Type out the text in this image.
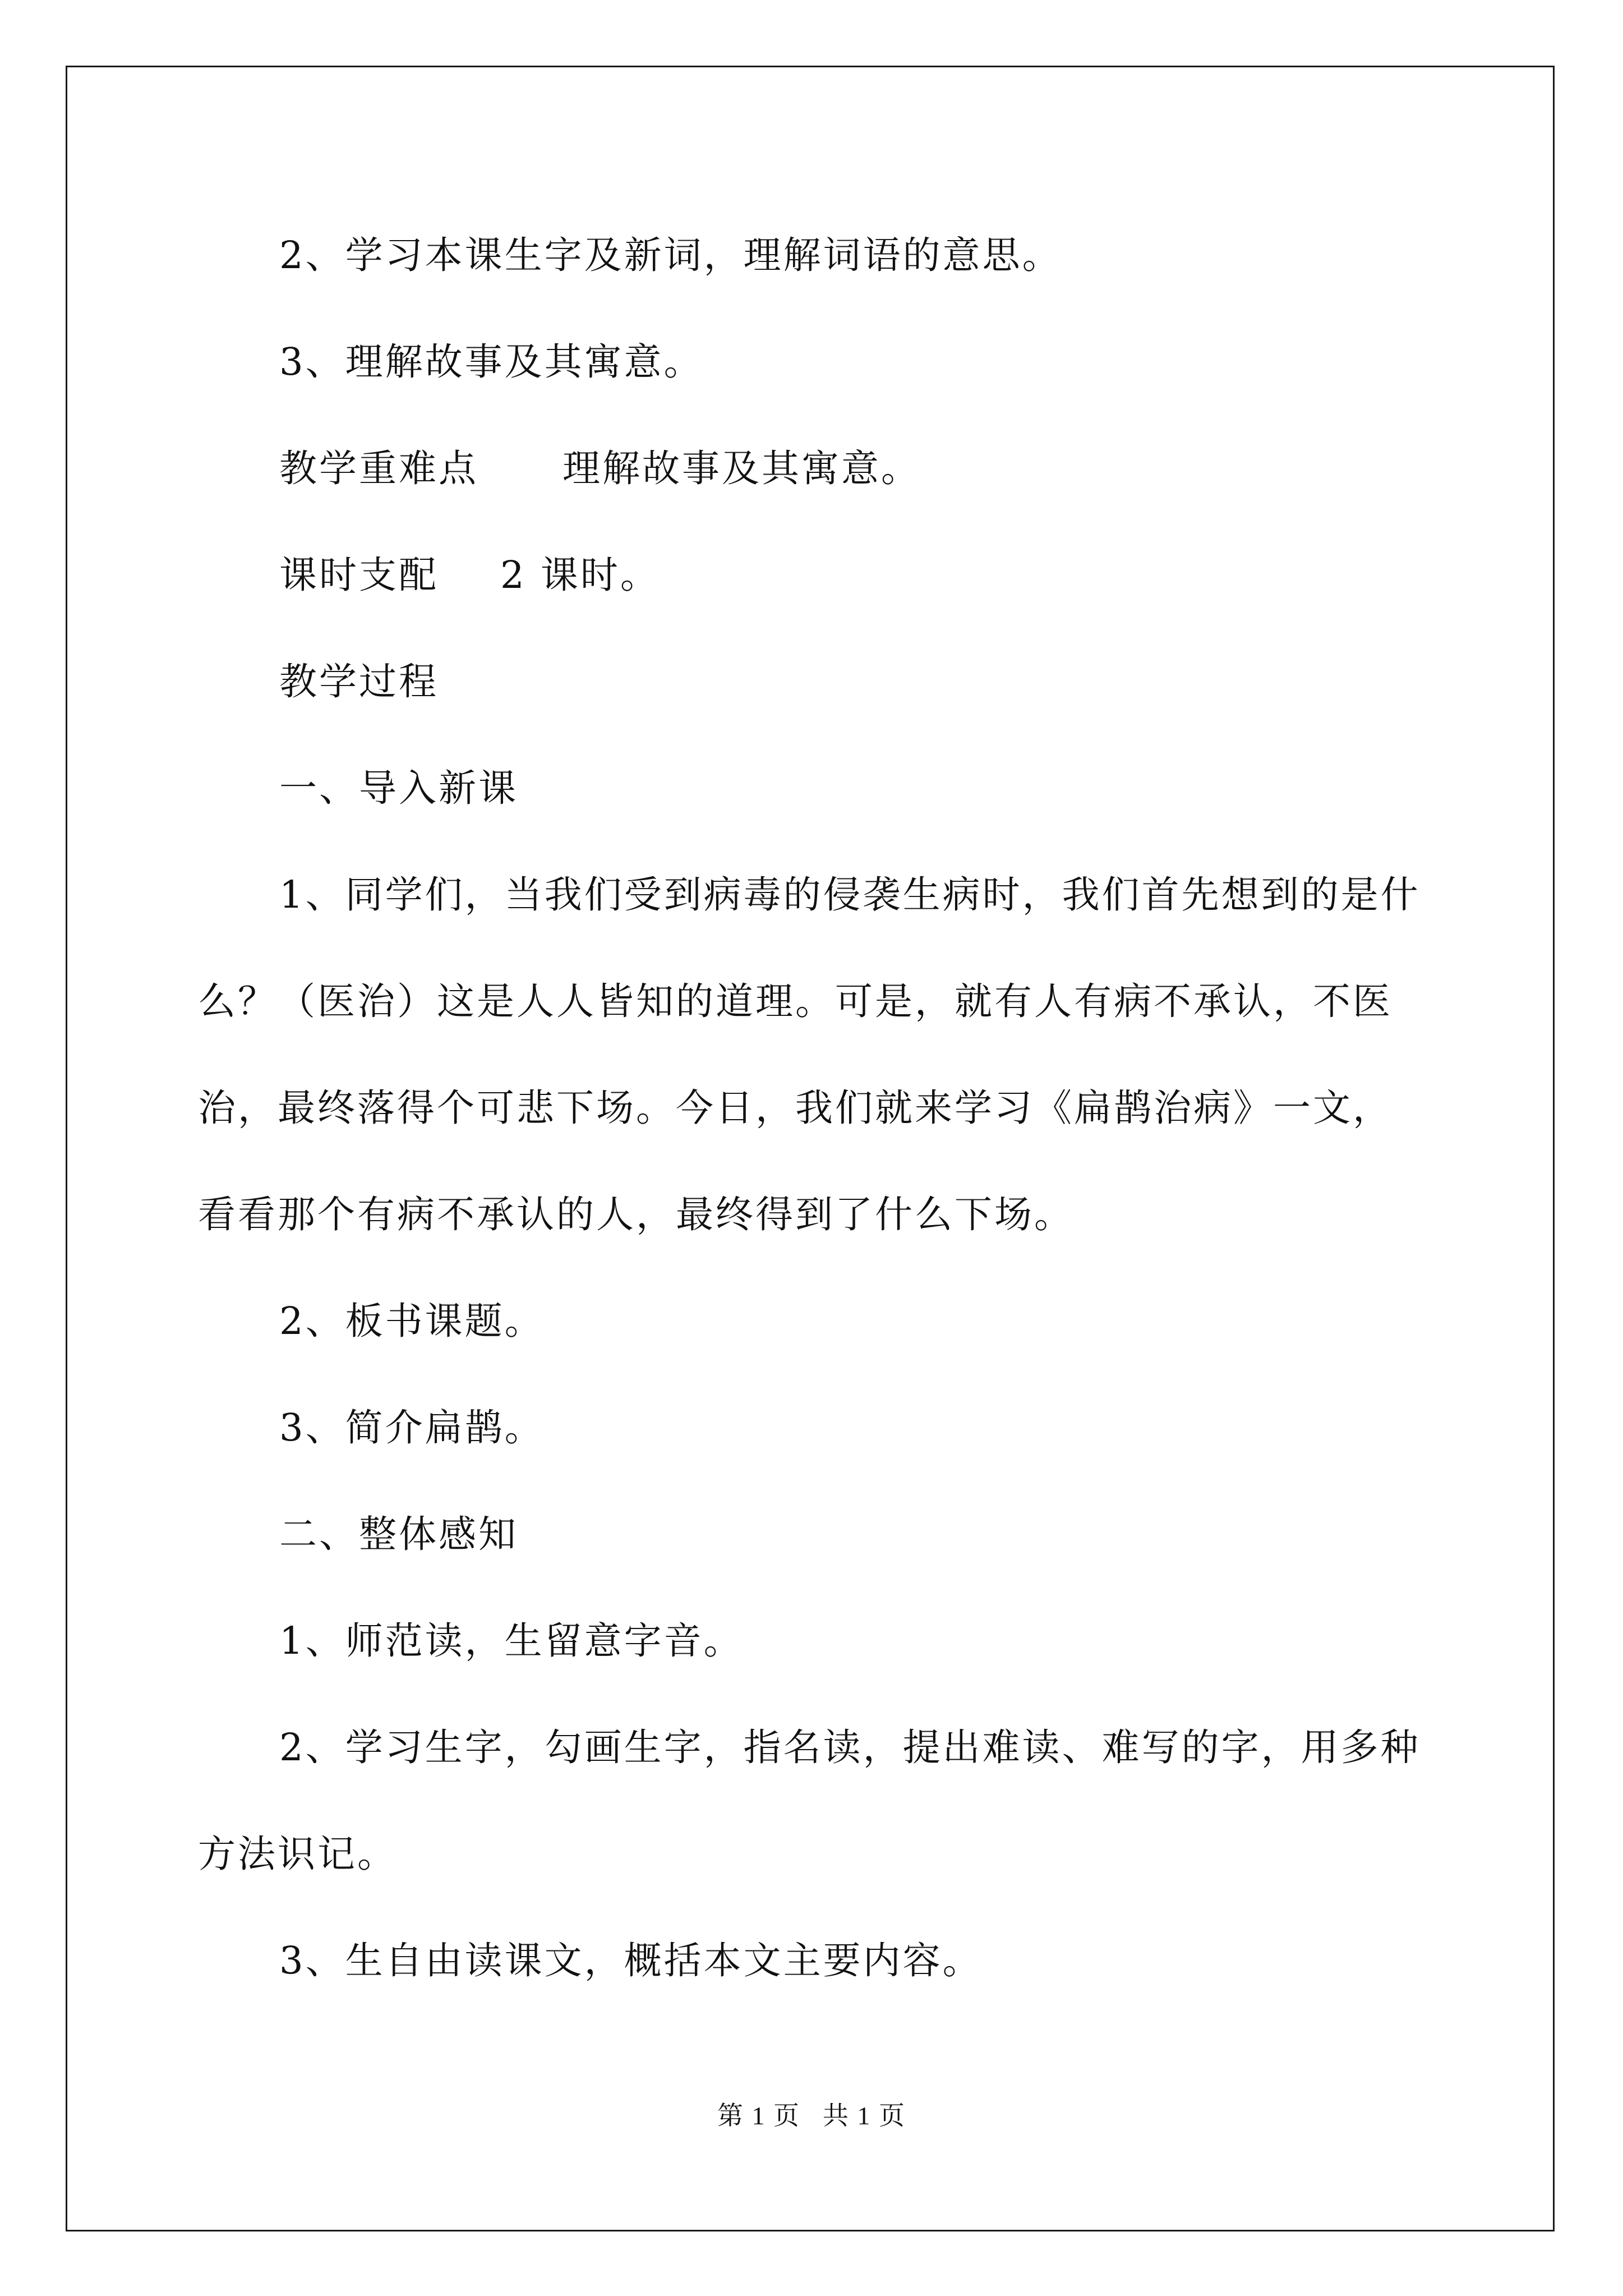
2、学习本课生字及新词，理解词语的意思。

3、理解故事及其寓意。

教学重难点 理解故事及其寓意。

课时支配 2 课时。

教学过程

一、导入新课

1、同学们，当我们受到病毒的侵袭生病时，我们首先想到的是什

么？（医治）这是人人皆知的道理。可是，就有人有病不承认，不医

治，最终落得个可悲下场。今日，我们就来学习《扁鹊治病》一文，

看看那个有病不承认的人，最终得到了什么下场。

2、板书课题。

3、简介扁鹊。

二、整体感知

1、师范读，生留意字音。

2、学习生字，勾画生字，指名读，提出难读、难写的字，用多种

方法识记。

3、生自由读课文，概括本文主要内容。

第 1 页 共 1 页
